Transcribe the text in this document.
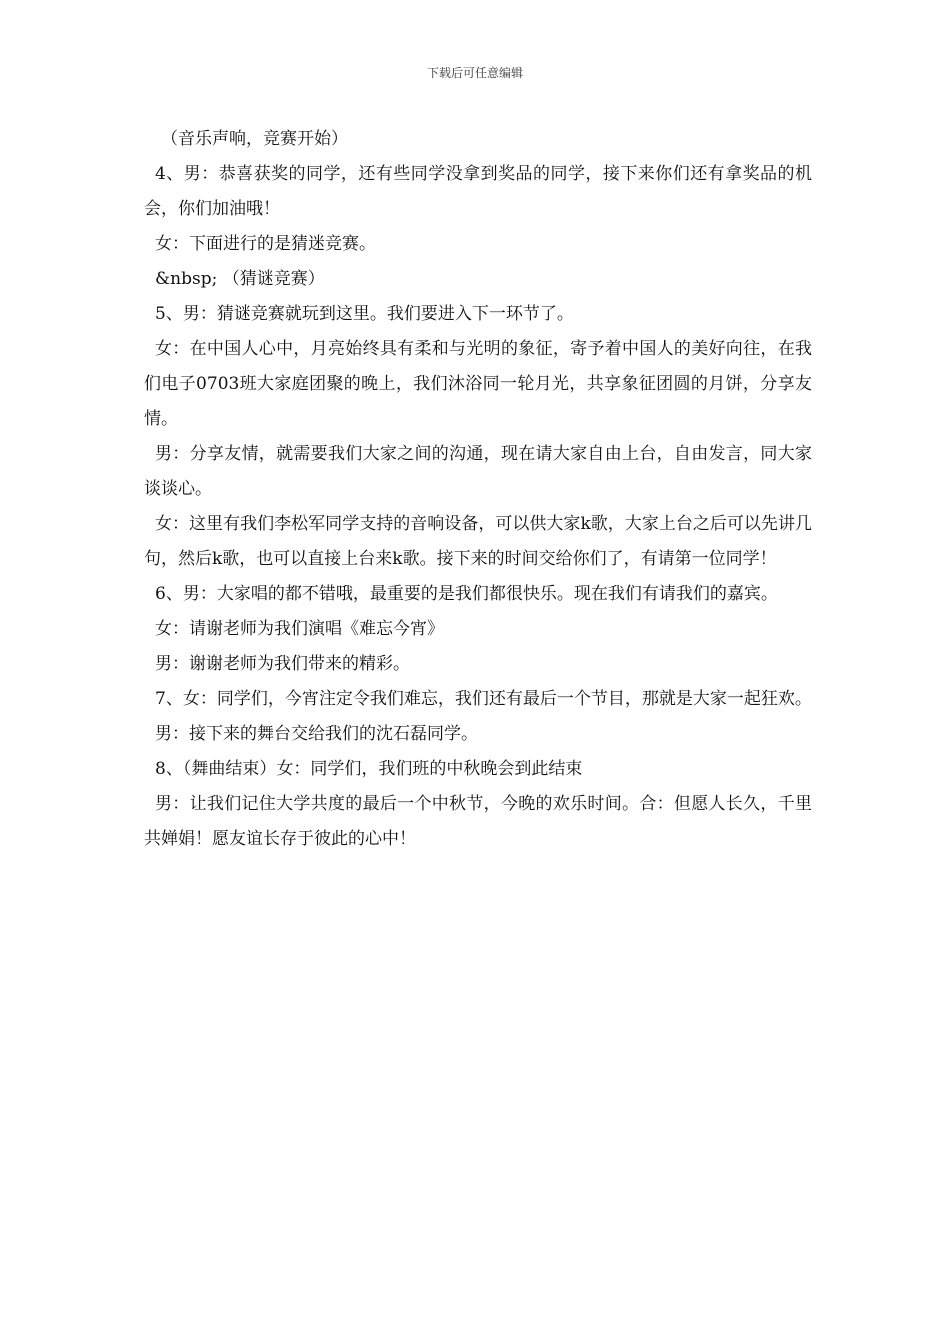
下载后可任意编辑

（音乐声响，竞赛开始）

4、男：恭喜获奖的同学，还有些同学没拿到奖品的同学，接下来你们还有拿奖品的机会，你们加油哦！

女：下面进行的是猜迷竞赛。

&nbsp; （猜谜竞赛）

5、男：猜谜竞赛就玩到这里。我们要进入下一环节了。

女：在中国人心中，月亮始终具有柔和与光明的象征，寄予着中国人的美好向往，在我们电子0703班大家庭团聚的晚上，我们沐浴同一轮月光，共享象征团圆的月饼，分享友情。

男：分享友情，就需要我们大家之间的沟通，现在请大家自由上台，自由发言，同大家谈谈心。

女：这里有我们李松军同学支持的音响设备，可以供大家k歌，大家上台之后可以先讲几句，然后k歌，也可以直接上台来k歌。接下来的时间交给你们了，有请第一位同学！

6、男：大家唱的都不错哦，最重要的是我们都很快乐。现在我们有请我们的嘉宾。

女：请谢老师为我们演唱《难忘今宵》

男：谢谢老师为我们带来的精彩。

7、女：同学们，今宵注定令我们难忘，我们还有最后一个节目，那就是大家一起狂欢。

男：接下来的舞台交给我们的沈石磊同学。

8、（舞曲结束）女：同学们，我们班的中秋晚会到此结束

男：让我们记住大学共度的最后一个中秋节，今晚的欢乐时间。合：但愿人长久，千里共婵娟！愿友谊长存于彼此的心中！
